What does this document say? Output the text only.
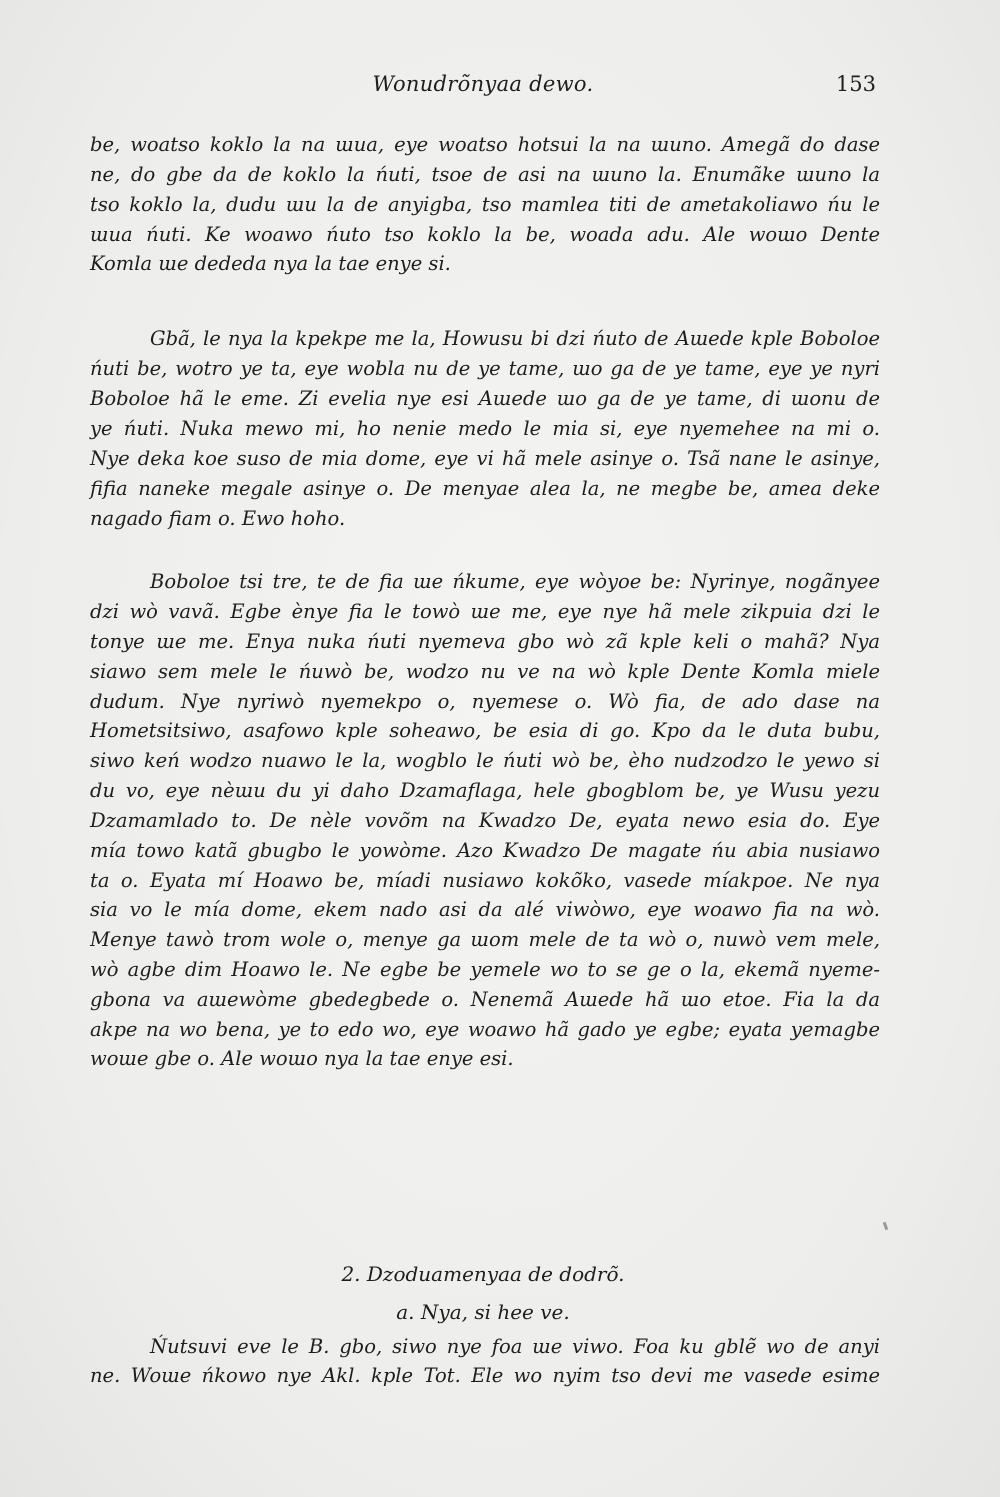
Wonudrõnyaa dewo.	153
be, woatso koklo la na ɯua, eye woatso hotsui la na ɯuno. Amegã do dase
ne, do gbe da de koklo la ńuti, tsoe de asi na ɯuno la. Enumãke ɯuno la
tso koklo la, dudu ɯu la de anyigba, tso mamlea titi de ametakoliawo ńu le
ɯua ńuti. Ke woawo ńuto tso koklo la be, woada adu. Ale woɯo Dente
Komla ɯe dededa nya la tae enye si.
Gbã, le nya la kpekpe me la, Howusu bi dzi ńuto de Aɯede kple Boboloe
ńuti be, wotro ye ta, eye wobla nu de ye tame, ɯo ga de ye tame, eye ye nyri
Boboloe hã le eme. Zi evelia nye esi Aɯede ɯo ga de ye tame, di ɯonu de
ye ńuti. Nuka mewo mi, ho nenie medo le mia si, eye nyemehee na mi o.
Nye deka koe suso de mia dome, eye vi hã mele asinye o. Tsã nane le asinye,
fifia naneke megale asinye o. De menyae alea la, ne megbe be, amea deke
nagado fiam o. Ewo hoho.
Boboloe tsi tre, te de fia ɯe ńkume, eye wòyoe be: Nyrinye, nogãnyee
dzi wò vavã. Egbe ènye fia le towò ɯe me, eye nye hã mele zikpuia dzi le
tonye ɯe me. Enya nuka ńuti nyemeva gbo wò zã kple keli o mahã? Nya
siawo sem mele le ńuwò be, wodzo nu ve na wò kple Dente Komla miele
dudum. Nye nyriwò nyemekpo o, nyemese o. Wò fia, de ado dase na
Hometsitsiwo, asafowo kple soheawo, be esia di go. Kpo da le duta bubu,
siwo keń wodzo nuawo le la, wogblo le ńuti wò be, èho nudzodzo le yewo si
du vo, eye nèɯu du yi daho Dzamaflaga, hele gbogblom be, ye Wusu yezu
Dzamamlado to. De nèle vovõm na Kwadzo De, eyata newo esia do. Eye
mía towo katã gbugbo le yowòme. Azo Kwadzo De magate ńu abia nusiawo
ta o. Eyata mí Hoawo be, míadi nusiawo kokõko, vasede míakpoe. Ne nya
sia vo le mía dome, ekem nado asi da alé viwòwo, eye woawo fia na wò.
Menye tawò trom wole o, menye ga ɯom mele de ta wò o, nuwò vem mele,
wò agbe dim Hoawo le. Ne egbe be yemele wo to se ge o la, ekemã nyeme-
gbona va aɯewòme gbedegbede o. Nenemã Aɯede hã ɯo etoe. Fia la da
akpe na wo bena, ye to edo wo, eye woawo hã gado ye egbe; eyata yemagbe
woɯe gbe o. Ale woɯo nya la tae enye esi.
2. Dzoduamenyaa de dodrõ.
a. Nya, si hee ve.
Ńutsuvi eve le B. gbo, siwo nye foa ɯe viwo. Foa ku gblẽ wo de anyi
ne. Woɯe ńkowo nye Akl. kple Tot. Ele wo nyim tso devi me vasede esime
